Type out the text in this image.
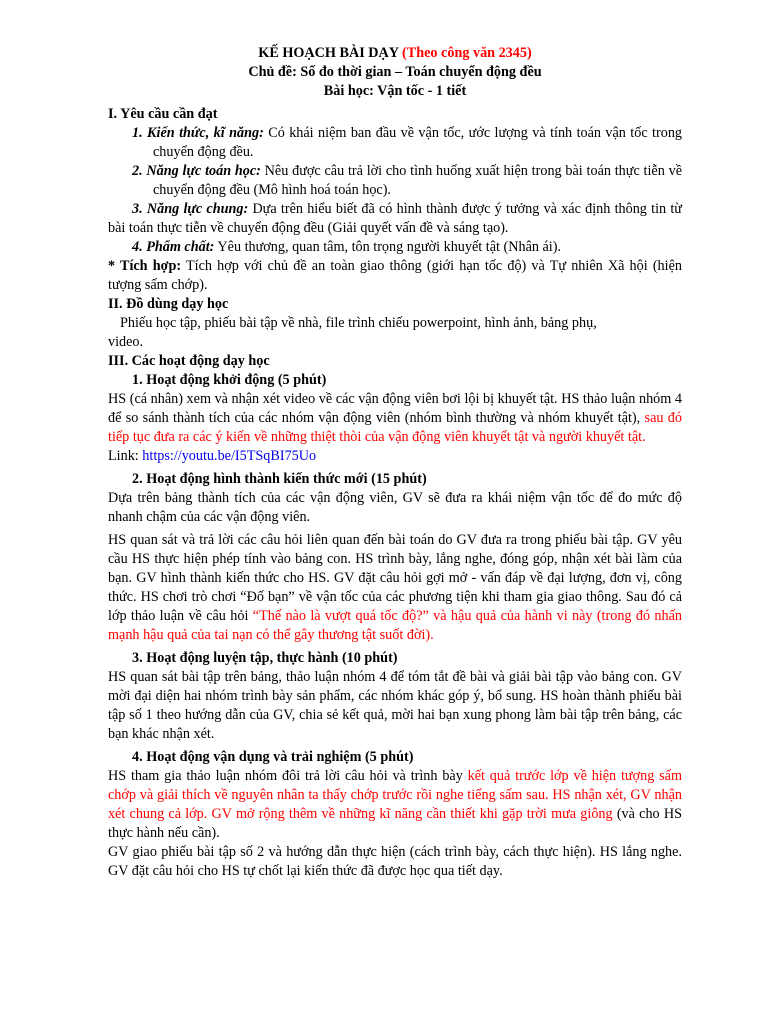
KẾ HOẠCH BÀI DẠY (Theo công văn 2345)

Chủ đề: Số đo thời gian – Toán chuyển động đều

Bài học: Vận tốc - 1 tiết

I. Yêu cầu cần đạt

1. Kiến thức, kĩ năng: Có khái niệm ban đầu về vận tốc, ước lượng và tính toán vận tốc trong chuyển động đều.

2. Năng lực toán học: Nêu được câu trả lời cho tình huống xuất hiện trong bài toán thực tiễn về chuyển động đều (Mô hình hoá toán học).

3. Năng lực chung: Dựa trên hiểu biết đã có hình thành được ý tưởng và xác định thông tin từ bài toán thực tiễn về chuyển động đều (Giải quyết vấn đề và sáng tạo).

4. Phẩm chất: Yêu thương, quan tâm, tôn trọng người khuyết tật (Nhân ái).

* Tích hợp: Tích hợp với chủ đề an toàn giao thông (giới hạn tốc độ) và Tự nhiên Xã hội (hiện tượng sấm chớp).

II. Đồ dùng dạy học

Phiếu học tập, phiếu bài tập về nhà, file trình chiếu powerpoint, hình ảnh, bảng phụ, video.

III. Các hoạt động dạy học

1. Hoạt động khởi động (5 phút)

HS (cá nhân) xem và nhận xét video về các vận động viên bơi lội bị khuyết tật. HS thảo luận nhóm 4 để so sánh thành tích của các nhóm vận động viên (nhóm bình thường và nhóm khuyết tật), sau đó tiếp tục đưa ra các ý kiến về những thiệt thòi của vận động viên khuyết tật và người khuyết tật.

Link: https://youtu.be/I5TSqBI75Uo

2. Hoạt động hình thành kiến thức mới (15 phút)

Dựa trên bảng thành tích của các vận động viên, GV sẽ đưa ra khái niệm vận tốc để đo mức độ nhanh chậm của các vận động viên.

HS quan sát và trả lời các câu hỏi liên quan đến bài toán do GV đưa ra trong phiếu bài tập. GV yêu cầu HS thực hiện phép tính vào bảng con. HS trình bày, lắng nghe, đóng góp, nhận xét bài làm của bạn. GV hình thành kiến thức cho HS. GV đặt câu hỏi gợi mở - vấn đáp về đại lượng, đơn vị, công thức. HS chơi trò chơi “Đố bạn” về vận tốc của các phương tiện khi tham gia giao thông. Sau đó cả lớp thảo luận về câu hỏi “Thế nào là vượt quá tốc độ?” và hậu quả của hành vi này (trong đó nhấn mạnh hậu quả của tai nạn có thể gây thương tật suốt đời).

3. Hoạt động luyện tập, thực hành (10 phút)

HS quan sát bài tập trên bảng, thảo luận nhóm 4 để tóm tắt đề bài và giải bài tập vào bảng con. GV mời đại diện hai nhóm trình bày sản phẩm, các nhóm khác góp ý, bổ sung. HS hoàn thành phiếu bài tập số 1 theo hướng dẫn của GV, chia sẻ kết quả, mời hai bạn xung phong làm bài tập trên bảng, các bạn khác nhận xét.

4. Hoạt động vận dụng và trải nghiệm (5 phút)

HS tham gia thảo luận nhóm đôi trả lời câu hỏi và trình bày kết quả trước lớp về hiện tượng sấm chớp và giải thích về nguyên nhân ta thấy chớp trước rồi nghe tiếng sấm sau. HS nhận xét, GV nhận xét chung cả lớp. GV mở rộng thêm về những kĩ năng cần thiết khi gặp trời mưa giông (và cho HS thực hành nếu cần).

GV giao phiếu bài tập số 2 và hướng dẫn thực hiện (cách trình bày, cách thực hiện). HS lắng nghe. GV đặt câu hỏi cho HS tự chốt lại kiến thức đã được học qua tiết dạy.
